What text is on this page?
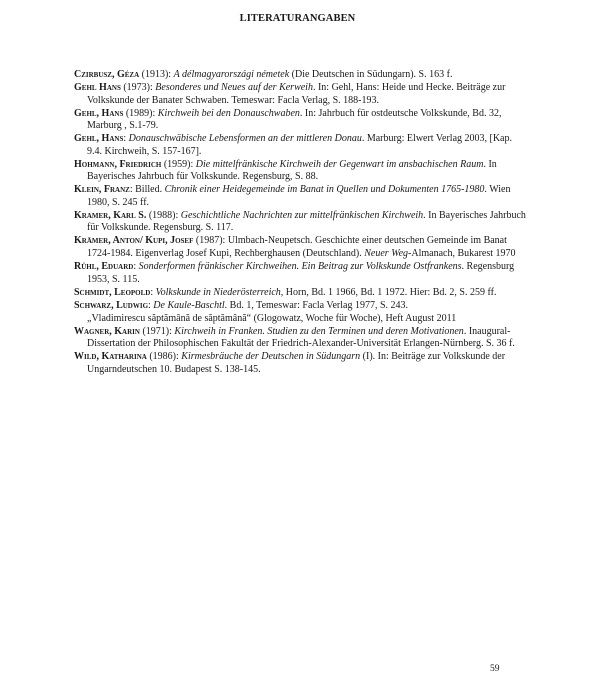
LITERATURANGABEN

Czirbusz, Géza (1913): A délmagyarországi németek (Die Deutschen in Südungarn). S. 163 f.

Gehl Hans (1973): Besonderes und Neues auf der Kerweih. In: Gehl, Hans: Heide und Hecke. Beiträge zur Volkskunde der Banater Schwaben. Temeswar: Facla Verlag, S. 188-193.

Gehl, Hans (1989): Kirchweih bei den Donauschwaben. In: Jahrbuch für ostdeutsche Volkskunde, Bd. 32, Marburg , S.1-79.

Gehl, Hans: Donauschwäbische Lebensformen an der mittleren Donau. Marburg: Elwert Verlag 2003, [Kap. 9.4. Kirchweih, S. 157-167].

Hohmann, Friedrich (1959): Die mittelfränkische Kirchweih der Gegenwart im ansbachischen Raum. In Bayerisches Jahrbuch für Volkskunde. Regensburg, S. 88.

Klein, Franz: Billed. Chronik einer Heidegemeinde im Banat in Quellen und Dokumenten 1765-1980. Wien 1980, S. 245 ff.

Kramer, Karl S. (1988): Geschichtliche Nachrichten zur mittelfränkischen Kirchweih. In Bayerisches Jahrbuch für Volkskunde. Regensburg. S. 117.

Krämer, Anton/ Kupi, Josef (1987): Ulmbach-Neupetsch. Geschichte einer deutschen Gemeinde im Banat 1724-1984. Eigenverlag Josef Kupi, Rechberghausen (Deutschland). Neuer Weg-Almanach, Bukarest 1970

Rühl, Eduard: Sonderformen fränkischer Kirchweihen. Ein Beitrag zur Volkskunde Ostfrankens. Regensburg 1953, S. 115.

Schmidt, Leopold: Volkskunde in Niederösterreich, Horn, Bd. 1 1966, Bd. 1 1972. Hier: Bd. 2, S. 259 ff.

Schwarz, Ludwig: De Kaule-Baschtl. Bd. 1, Temeswar: Facla Verlag 1977, S. 243.

„Vladimirescu săptămână de săptămână“ (Glogowatz, Woche für Woche), Heft August 2011

Wagner, Karin (1971): Kirchweih in Franken. Studien zu den Terminen und deren Motivationen. Inaugural-Dissertation der Philosophischen Fakultät der Friedrich-Alexander-Universität Erlangen-Nürnberg. S. 36 f.

Wild, Katharina (1986): Kirmesbräuche der Deutschen in Südungarn (I). In: Beiträge zur Volkskunde der Ungarndeutschen 10. Budapest S. 138-145.

59
